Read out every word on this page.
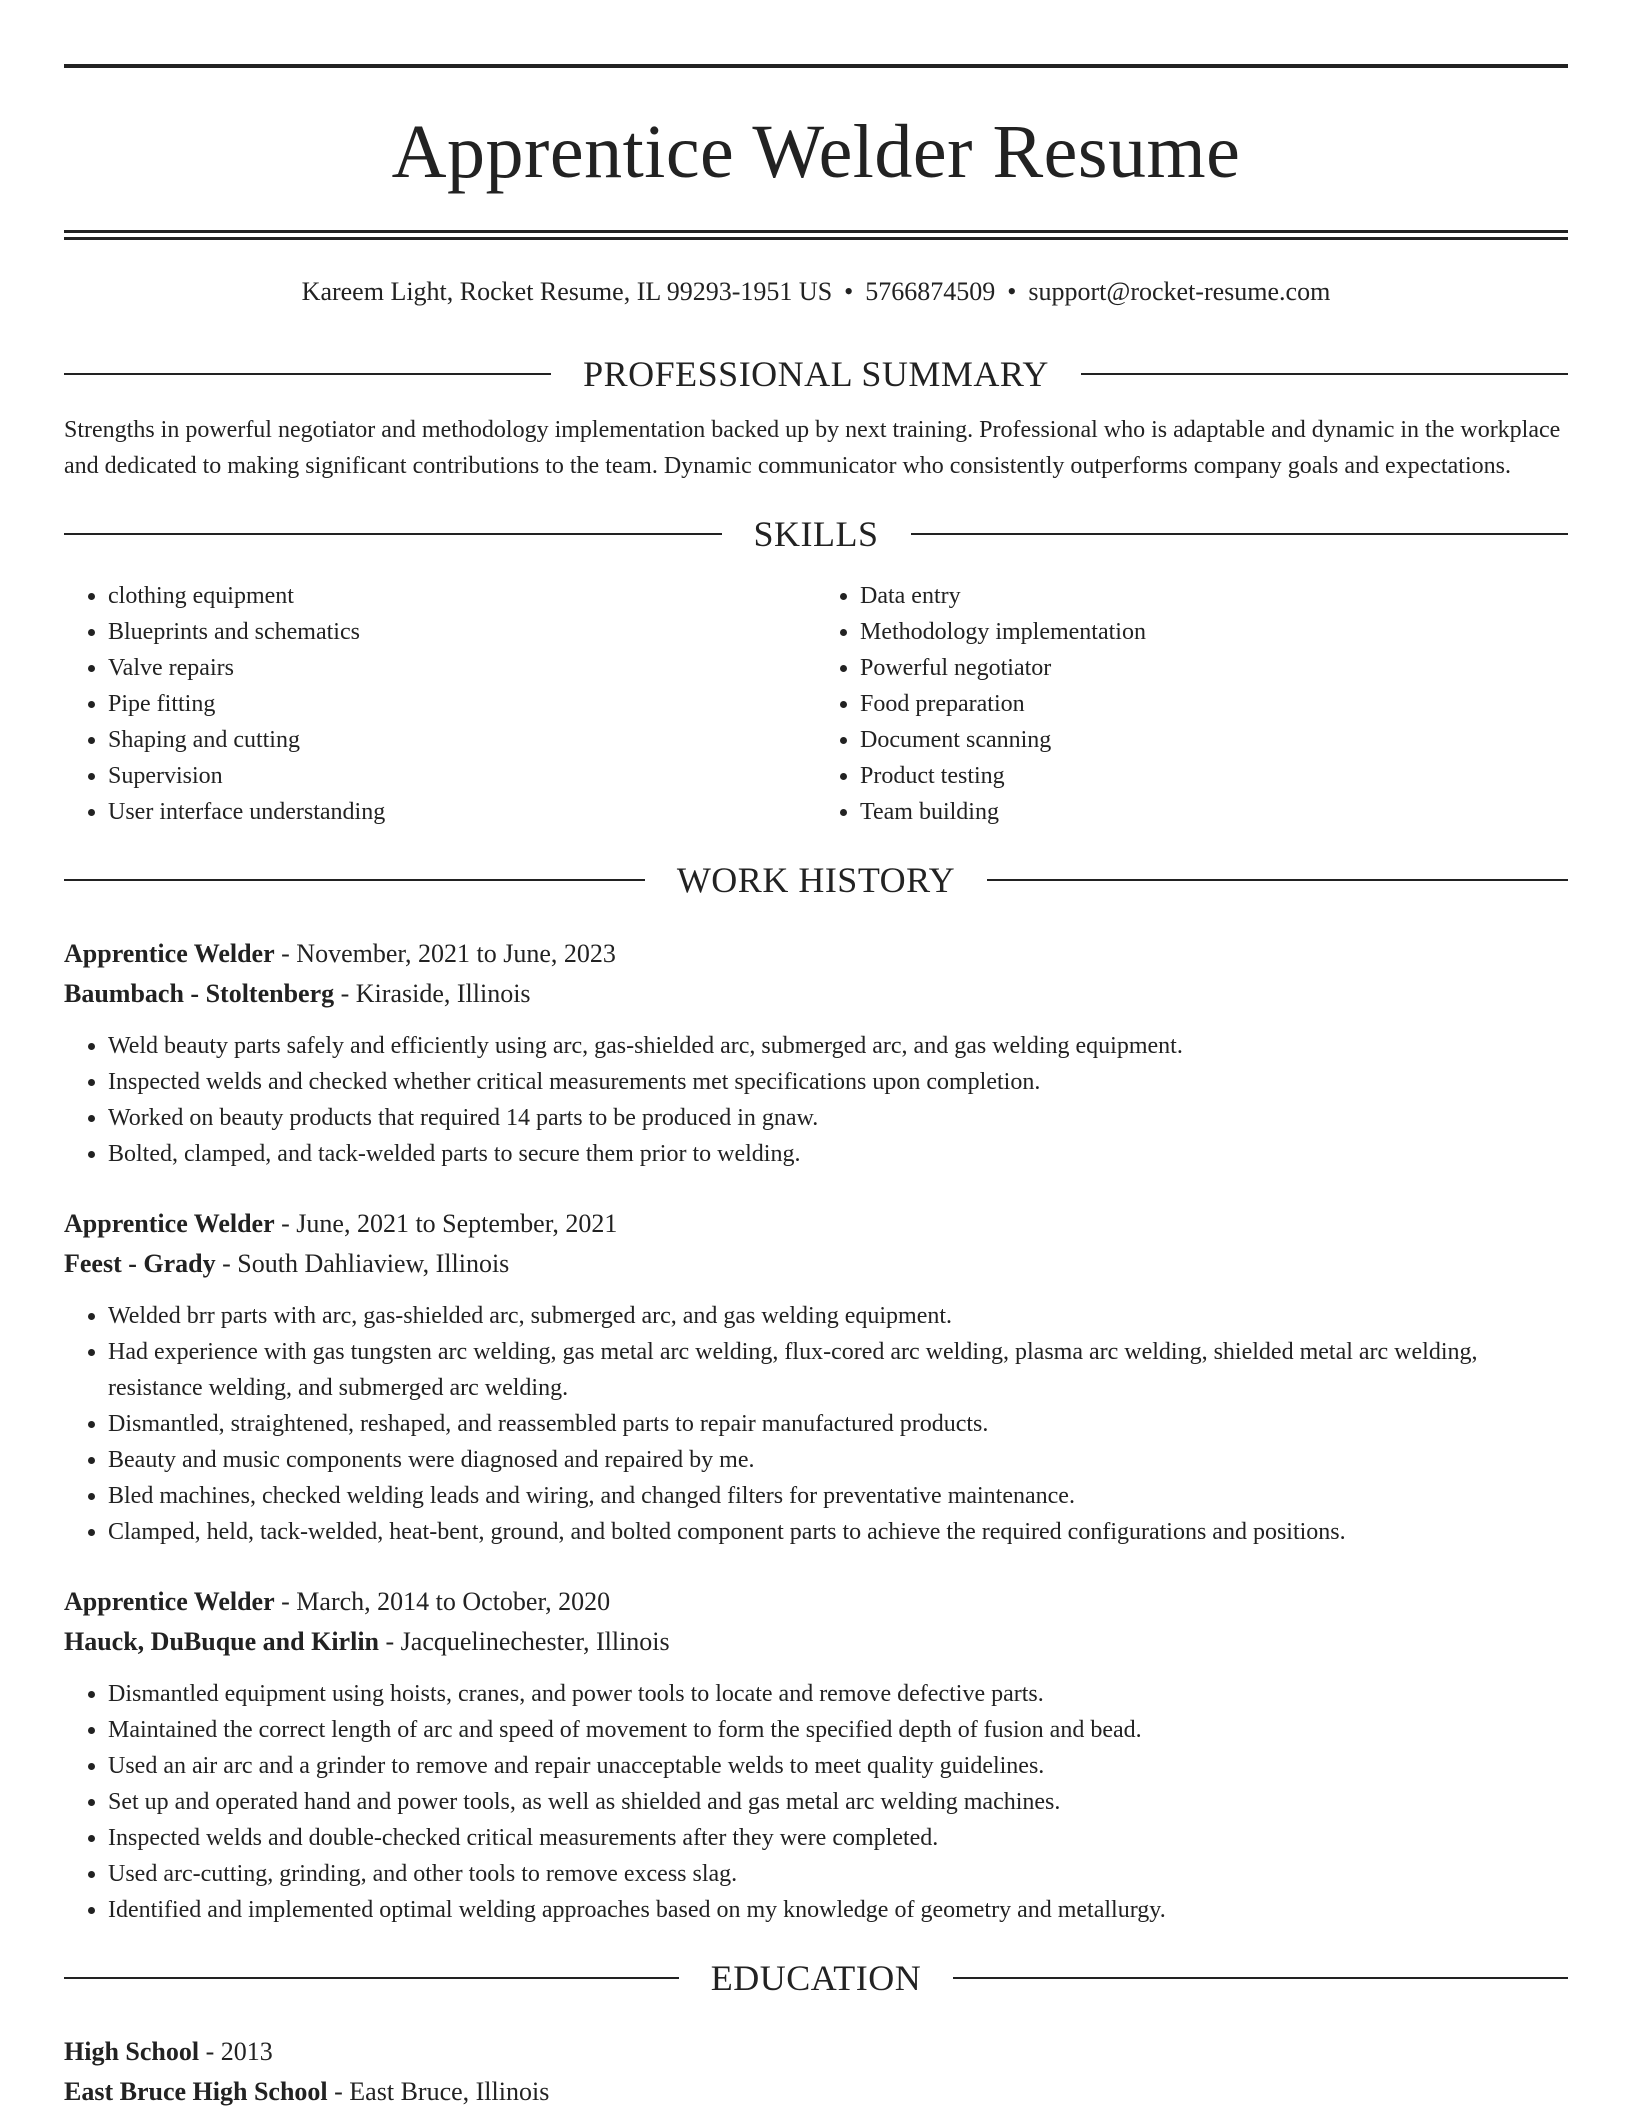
Apprentice Welder Resume
Kareem Light, Rocket Resume, IL 99293-1951 US • 5766874509 • support@rocket-resume.com
PROFESSIONAL SUMMARY
Strengths in powerful negotiator and methodology implementation backed up by next training. Professional who is adaptable and dynamic in the workplace and dedicated to making significant contributions to the team. Dynamic communicator who consistently outperforms company goals and expectations.
SKILLS
• clothing equipment
• Blueprints and schematics
• Valve repairs
• Pipe fitting
• Shaping and cutting
• Supervision
• User interface understanding
• Data entry
• Methodology implementation
• Powerful negotiator
• Food preparation
• Document scanning
• Product testing
• Team building
WORK HISTORY
Apprentice Welder - November, 2021 to June, 2023
Baumbach - Stoltenberg - Kiraside, Illinois
• Weld beauty parts safely and efficiently using arc, gas-shielded arc, submerged arc, and gas welding equipment.
• Inspected welds and checked whether critical measurements met specifications upon completion.
• Worked on beauty products that required 14 parts to be produced in gnaw.
• Bolted, clamped, and tack-welded parts to secure them prior to welding.
Apprentice Welder - June, 2021 to September, 2021
Feest - Grady - South Dahliaview, Illinois
• Welded brr parts with arc, gas-shielded arc, submerged arc, and gas welding equipment.
• Had experience with gas tungsten arc welding, gas metal arc welding, flux-cored arc welding, plasma arc welding, shielded metal arc welding, resistance welding, and submerged arc welding.
• Dismantled, straightened, reshaped, and reassembled parts to repair manufactured products.
• Beauty and music components were diagnosed and repaired by me.
• Bled machines, checked welding leads and wiring, and changed filters for preventative maintenance.
• Clamped, held, tack-welded, heat-bent, ground, and bolted component parts to achieve the required configurations and positions.
Apprentice Welder - March, 2014 to October, 2020
Hauck, DuBuque and Kirlin - Jacquelinechester, Illinois
• Dismantled equipment using hoists, cranes, and power tools to locate and remove defective parts.
• Maintained the correct length of arc and speed of movement to form the specified depth of fusion and bead.
• Used an air arc and a grinder to remove and repair unacceptable welds to meet quality guidelines.
• Set up and operated hand and power tools, as well as shielded and gas metal arc welding machines.
• Inspected welds and double-checked critical measurements after they were completed.
• Used arc-cutting, grinding, and other tools to remove excess slag.
• Identified and implemented optimal welding approaches based on my knowledge of geometry and metallurgy.
EDUCATION
High School - 2013
East Bruce High School - East Bruce, Illinois
